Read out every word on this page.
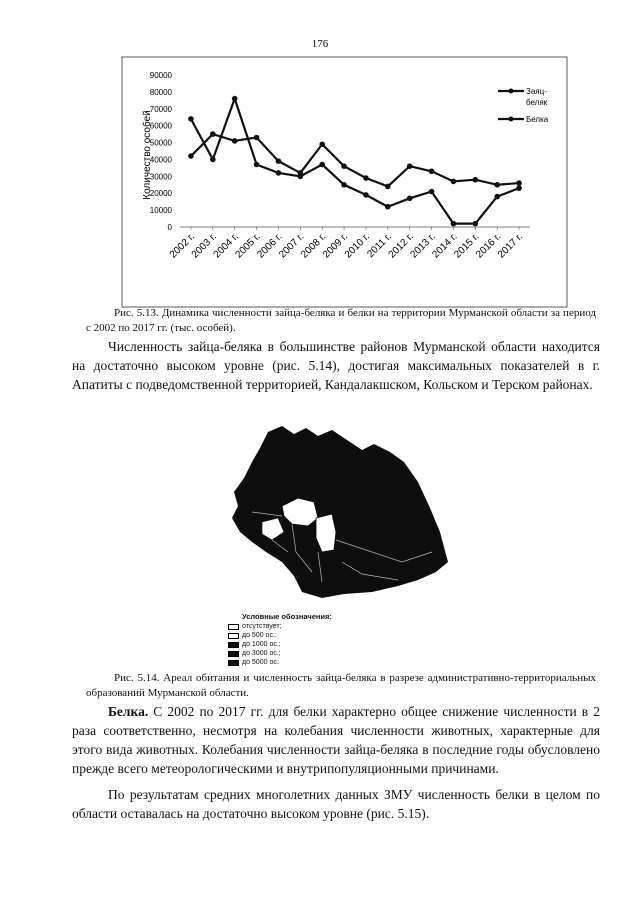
176
90000
80000
70000
60000
50000
40000
30000
20000
10000
0
2002 г.
2003 г.
2004 г.
2005 г.
2006 г.
2007 г.
2008 г.
2009 г.
2010 г.
2011 г.
2012 г.
2013 г.
2014 г.
2015 г.
2016 г.
2017 г.
Заяц-
беляк
Белка
Количество особей
Рис. 5.13. Динамика численности зайца-беляка и белки на территории Мурманской области за период с 2002 по 2017 гг. (тыс. особей).
Численность зайца-беляка в большинстве районов Мурманской области находится на достаточно высоком уровне (рис. 5.14), достигая максимальных показателей в г. Апатиты с подведомственной территорией, Кандалакшском, Кольском и Терском районах.
Условные обозначения:
отсутствует;
до 500 ос.;
до 1000 ос.;
до 3000 ос.;
до 5000 ос.
Рис. 5.14. Ареал обитания и численность зайца-беляка в разрезе административно-территориальных образований Мурманской области.
Белка. С 2002 по 2017 гг. для белки характерно общее снижение численности в 2 раза соответственно, несмотря на колебания численности животных, характерные для этого вида животных. Колебания численности зайца-беляка в последние годы обусловлено прежде всего метеорологическими и внутрипопуляционными причинами.
По результатам средних многолетних данных ЗМУ численность белки в целом по области оставалась на достаточно высоком уровне (рис. 5.15).
